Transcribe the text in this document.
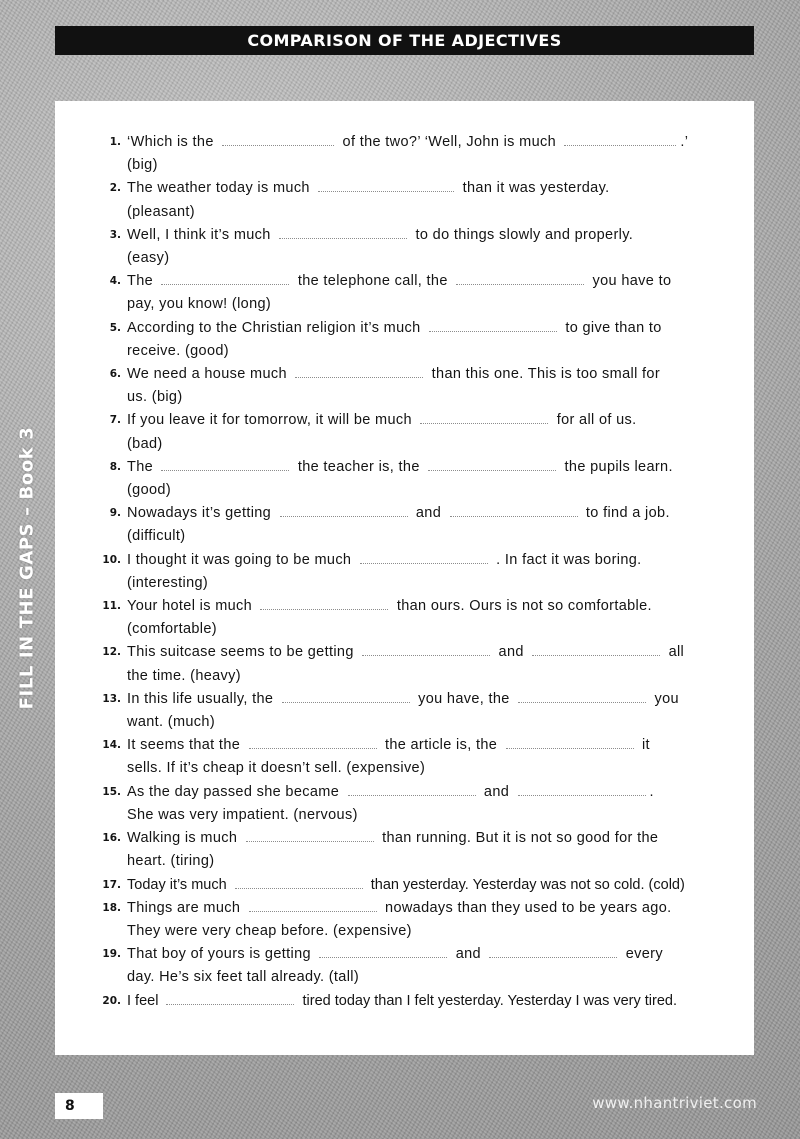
COMPARISON OF THE ADJECTIVES
FILL IN THE GAPS – Book 3
1. ‘Which is the	of the two?’ ‘Well, John is much	.’
(big)
2. The weather today is much	than it was yesterday.
(pleasant)
3. Well, I think it’s much	to do things slowly and properly.
(easy)
4. The	the telephone call, the	you have to
pay, you know! (long)
5. According to the Christian religion it’s much	to give than to
receive. (good)
6. We need a house much	than this one. This is too small for
us. (big)
7. If you leave it for tomorrow, it will be much	for all of us.
(bad)
8. The	the teacher is, the	the pupils learn.
(good)
9. Nowadays it’s getting	and	to find a job.
(difficult)
10. I thought it was going to be much	. In fact it was boring.
(interesting)
11. Your hotel is much	than ours. Ours is not so comfortable.
(comfortable)
12. This suitcase seems to be getting	and	all
the time. (heavy)
13. In this life usually, the	you have, the	you
want. (much)
14. It seems that the	the article is, the	it
sells. If it’s cheap it doesn’t sell. (expensive)
15. As the day passed she became	and	.
She was very impatient. (nervous)
16. Walking is much	than running. But it is not so good for the
heart. (tiring)
17. Today it’s much	than yesterday. Yesterday was not so cold. (cold)
18. Things are much	nowadays than they used to be years ago.
They were very cheap before. (expensive)
19. That boy of yours is getting	and	every
day. He’s six feet tall already. (tall)
20. I feel	tired today than I felt yesterday. Yesterday I was very tired.
8	www.nhantriviet.com
